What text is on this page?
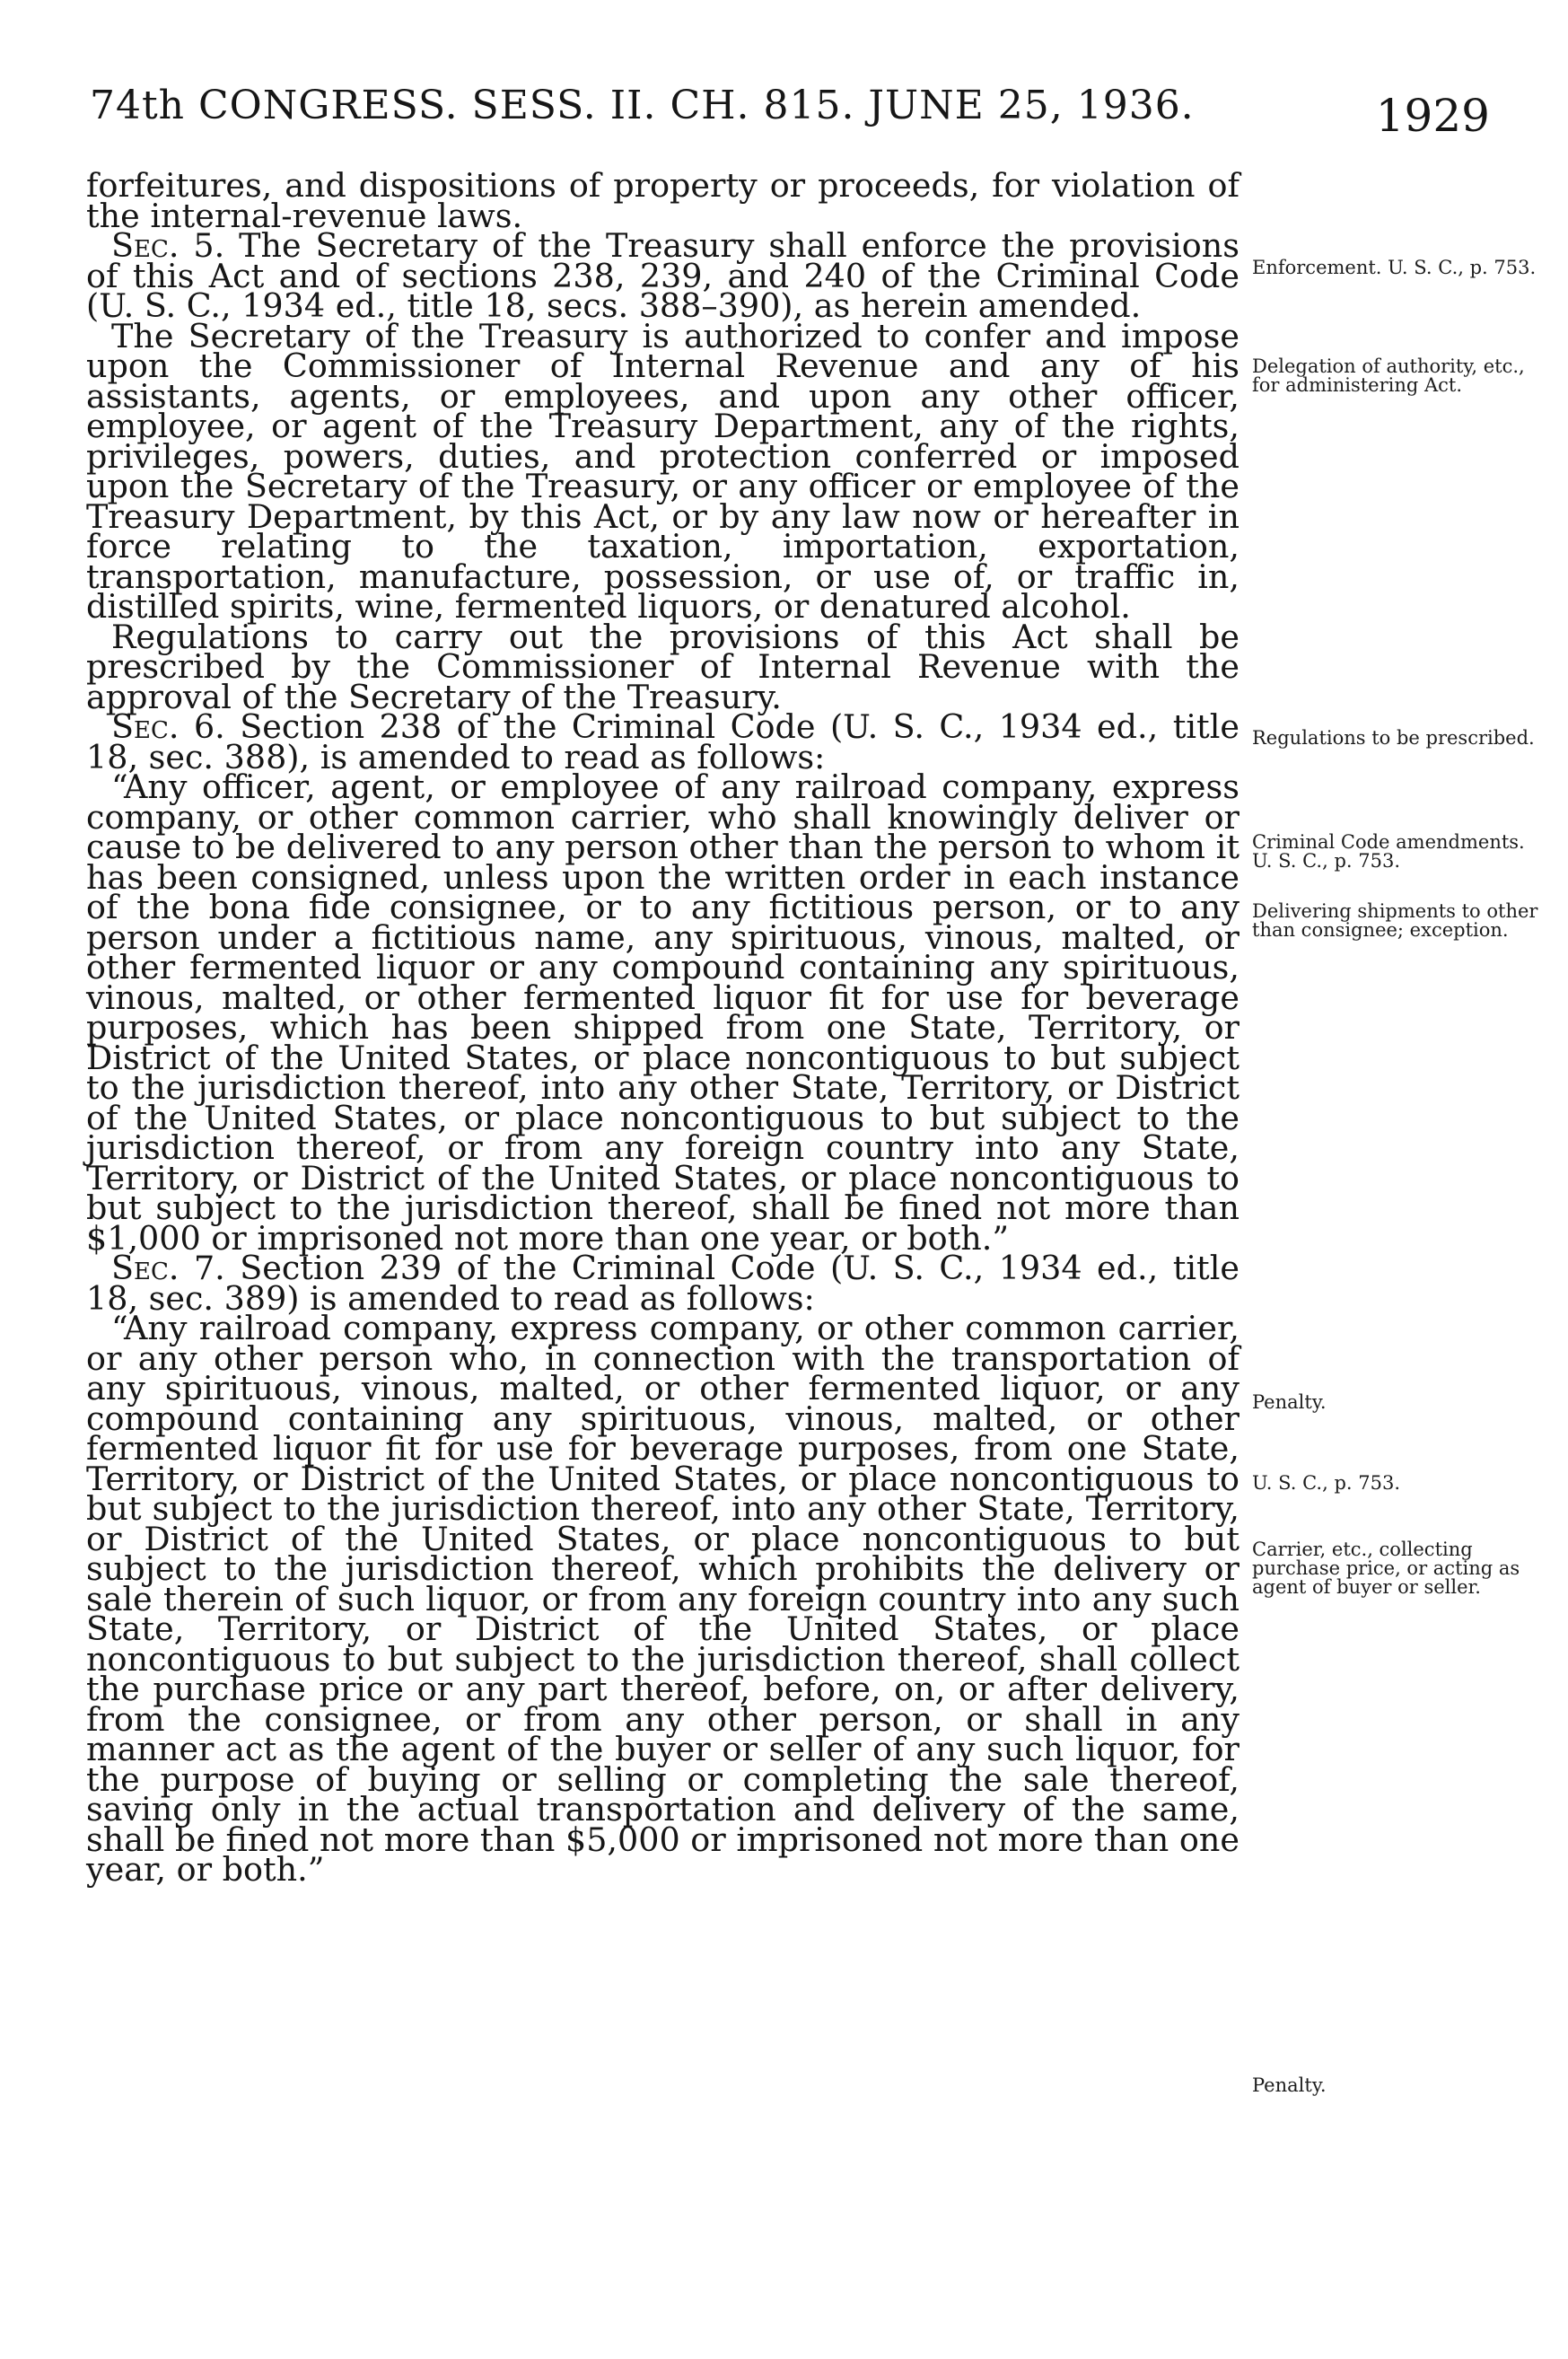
74th CONGRESS. SESS. II. CH. 815. JUNE 25, 1936.	1929

forfeitures, and dispositions of property or proceeds, for violation of the internal-revenue laws.

Sec. 5. The Secretary of the Treasury shall enforce the provisions of this Act and of sections 238, 239, and 240 of the Criminal Code (U. S. C., 1934 ed., title 18, secs. 388–390), as herein amended.

The Secretary of the Treasury is authorized to confer and impose upon the Commissioner of Internal Revenue and any of his assistants, agents, or employees, and upon any other officer, employee, or agent of the Treasury Department, any of the rights, privileges, powers, duties, and protection conferred or imposed upon the Secretary of the Treasury, or any officer or employee of the Treasury Department, by this Act, or by any law now or hereafter in force relating to the taxation, importation, exportation, transportation, manufacture, possession, or use of, or traffic in, distilled spirits, wine, fermented liquors, or denatured alcohol.

Regulations to carry out the provisions of this Act shall be prescribed by the Commissioner of Internal Revenue with the approval of the Secretary of the Treasury.

Sec. 6. Section 238 of the Criminal Code (U. S. C., 1934 ed., title 18, sec. 388), is amended to read as follows:

“Any officer, agent, or employee of any railroad company, express company, or other common carrier, who shall knowingly deliver or cause to be delivered to any person other than the person to whom it has been consigned, unless upon the written order in each instance of the bona fide consignee, or to any fictitious person, or to any person under a fictitious name, any spirituous, vinous, malted, or other fermented liquor or any compound containing any spirituous, vinous, malted, or other fermented liquor fit for use for beverage purposes, which has been shipped from one State, Territory, or District of the United States, or place noncontiguous to but subject to the jurisdiction thereof, into any other State, Territory, or District of the United States, or place noncontiguous to but subject to the jurisdiction thereof, or from any foreign country into any State, Territory, or District of the United States, or place noncontiguous to but subject to the jurisdiction thereof, shall be fined not more than $1,000 or imprisoned not more than one year, or both.”

Sec. 7. Section 239 of the Criminal Code (U. S. C., 1934 ed., title 18, sec. 389) is amended to read as follows:

“Any railroad company, express company, or other common carrier, or any other person who, in connection with the transportation of any spirituous, vinous, malted, or other fermented liquor, or any compound containing any spirituous, vinous, malted, or other fermented liquor fit for use for beverage purposes, from one State, Territory, or District of the United States, or place noncontiguous to but subject to the jurisdiction thereof, into any other State, Territory, or District of the United States, or place noncontiguous to but subject to the jurisdiction thereof, which prohibits the delivery or sale therein of such liquor, or from any foreign country into any such State, Territory, or District of the United States, or place noncontiguous to but subject to the jurisdiction thereof, shall collect the purchase price or any part thereof, before, on, or after delivery, from the consignee, or from any other person, or shall in any manner act as the agent of the buyer or seller of any such liquor, for the purpose of buying or selling or completing the sale thereof, saving only in the actual transportation and delivery of the same, shall be fined not more than $5,000 or imprisoned not more than one year, or both.”

Enforcement. U. S. C., p. 753.
Delegation of authority, etc., for administering Act.
Regulations to be prescribed.
Criminal Code amendments. U. S. C., p. 753.
Delivering shipments to other than consignee; exception.
Penalty.
U. S. C., p. 753.
Carrier, etc., collecting purchase price, or acting as agent of buyer or seller.
Penalty.
